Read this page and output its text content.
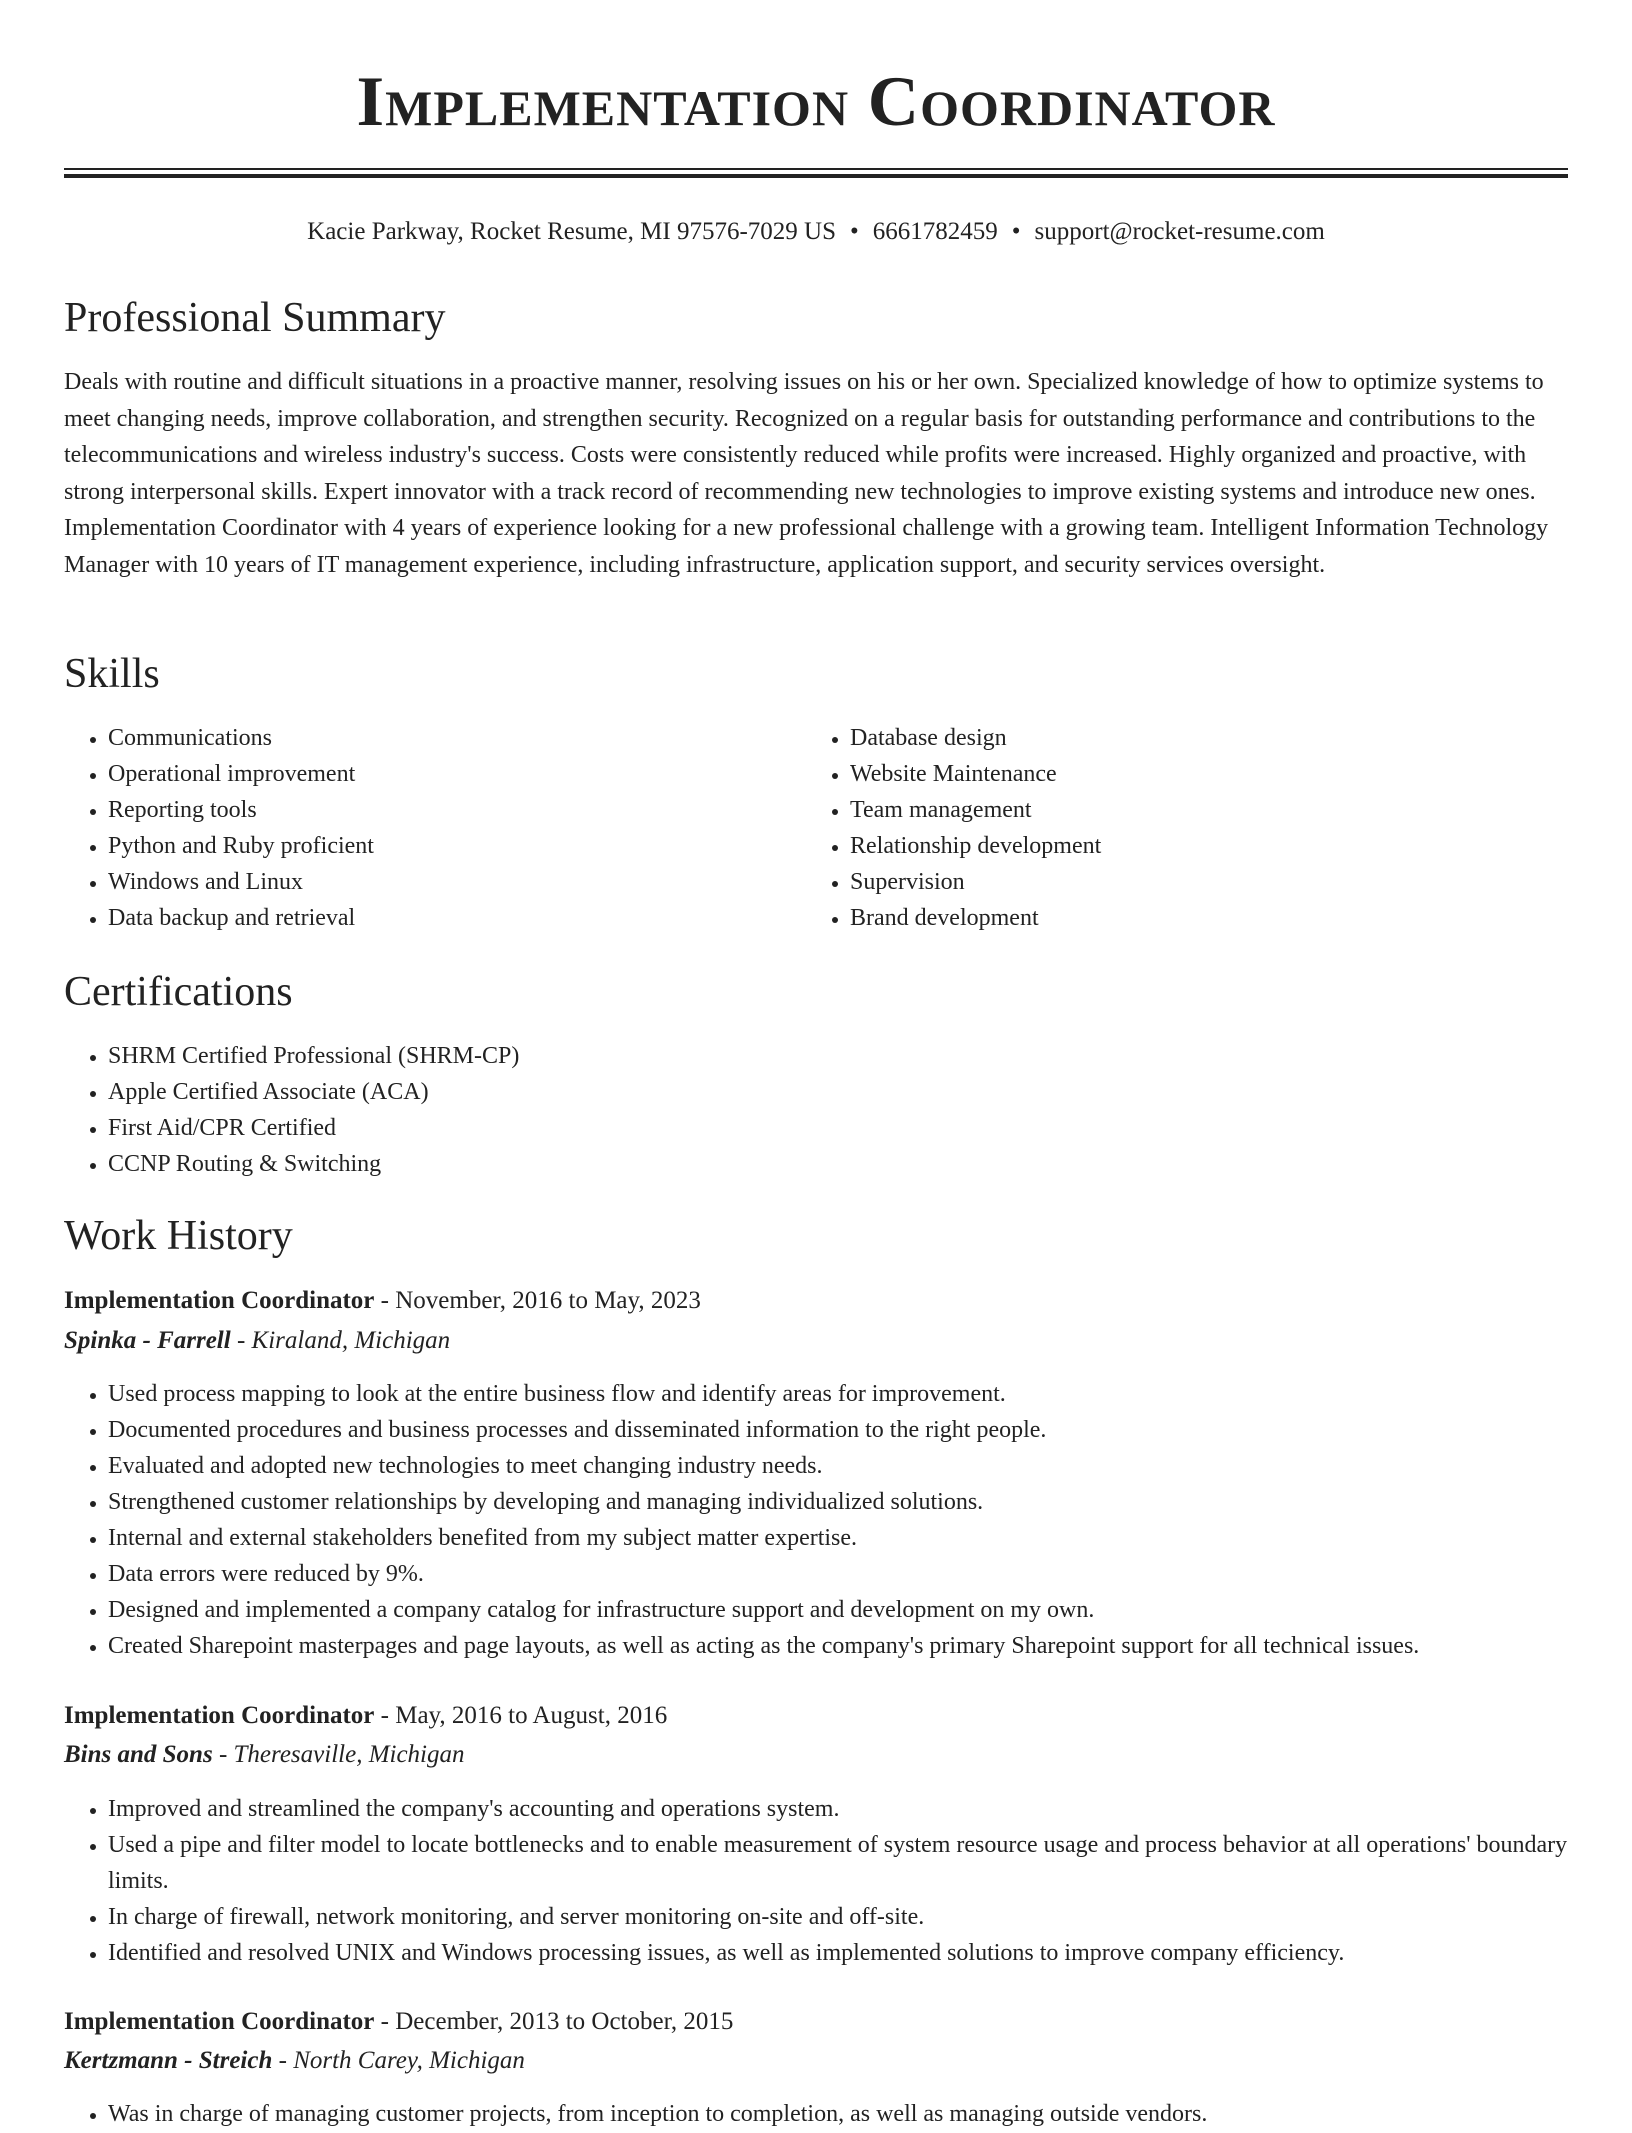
Implementation Coordinator
Kacie Parkway, Rocket Resume, MI 97576-7029 US • 6661782459 • support@rocket-resume.com
Professional Summary

Deals with routine and difficult situations in a proactive manner, resolving issues on his or her own. Specialized knowledge of how to optimize systems to meet changing needs, improve collaboration, and strengthen security. Recognized on a regular basis for outstanding performance and contributions to the telecommunications and wireless industry's success. Costs were consistently reduced while profits were increased. Highly organized and proactive, with strong interpersonal skills. Expert innovator with a track record of recommending new technologies to improve existing systems and introduce new ones. Implementation Coordinator with 4 years of experience looking for a new professional challenge with a growing team. Intelligent Information Technology Manager with 10 years of IT management experience, including infrastructure, application support, and security services oversight.

Skills
• Communications
• Operational improvement
• Reporting tools
• Python and Ruby proficient
• Windows and Linux
• Data backup and retrieval
• Database design
• Website Maintenance
• Team management
• Relationship development
• Supervision
• Brand development
Certifications
• SHRM Certified Professional (SHRM-CP)
• Apple Certified Associate (ACA)
• First Aid/CPR Certified
• CCNP Routing & Switching
Work History
Implementation Coordinator - November, 2016 to May, 2023
Spinka - Farrell - Kiraland, Michigan
• Used process mapping to look at the entire business flow and identify areas for improvement.
• Documented procedures and business processes and disseminated information to the right people.
• Evaluated and adopted new technologies to meet changing industry needs.
• Strengthened customer relationships by developing and managing individualized solutions.
• Internal and external stakeholders benefited from my subject matter expertise.
• Data errors were reduced by 9%.
• Designed and implemented a company catalog for infrastructure support and development on my own.
• Created Sharepoint masterpages and page layouts, as well as acting as the company's primary Sharepoint support for all technical issues.
Implementation Coordinator - May, 2016 to August, 2016
Bins and Sons - Theresaville, Michigan
• Improved and streamlined the company's accounting and operations system.
• Used a pipe and filter model to locate bottlenecks and to enable measurement of system resource usage and process behavior at all operations' boundary limits.
• In charge of firewall, network monitoring, and server monitoring on-site and off-site.
• Identified and resolved UNIX and Windows processing issues, as well as implemented solutions to improve company efficiency.
Implementation Coordinator - December, 2013 to October, 2015
Kertzmann - Streich - North Carey, Michigan
• Was in charge of managing customer projects, from inception to completion, as well as managing outside vendors.
